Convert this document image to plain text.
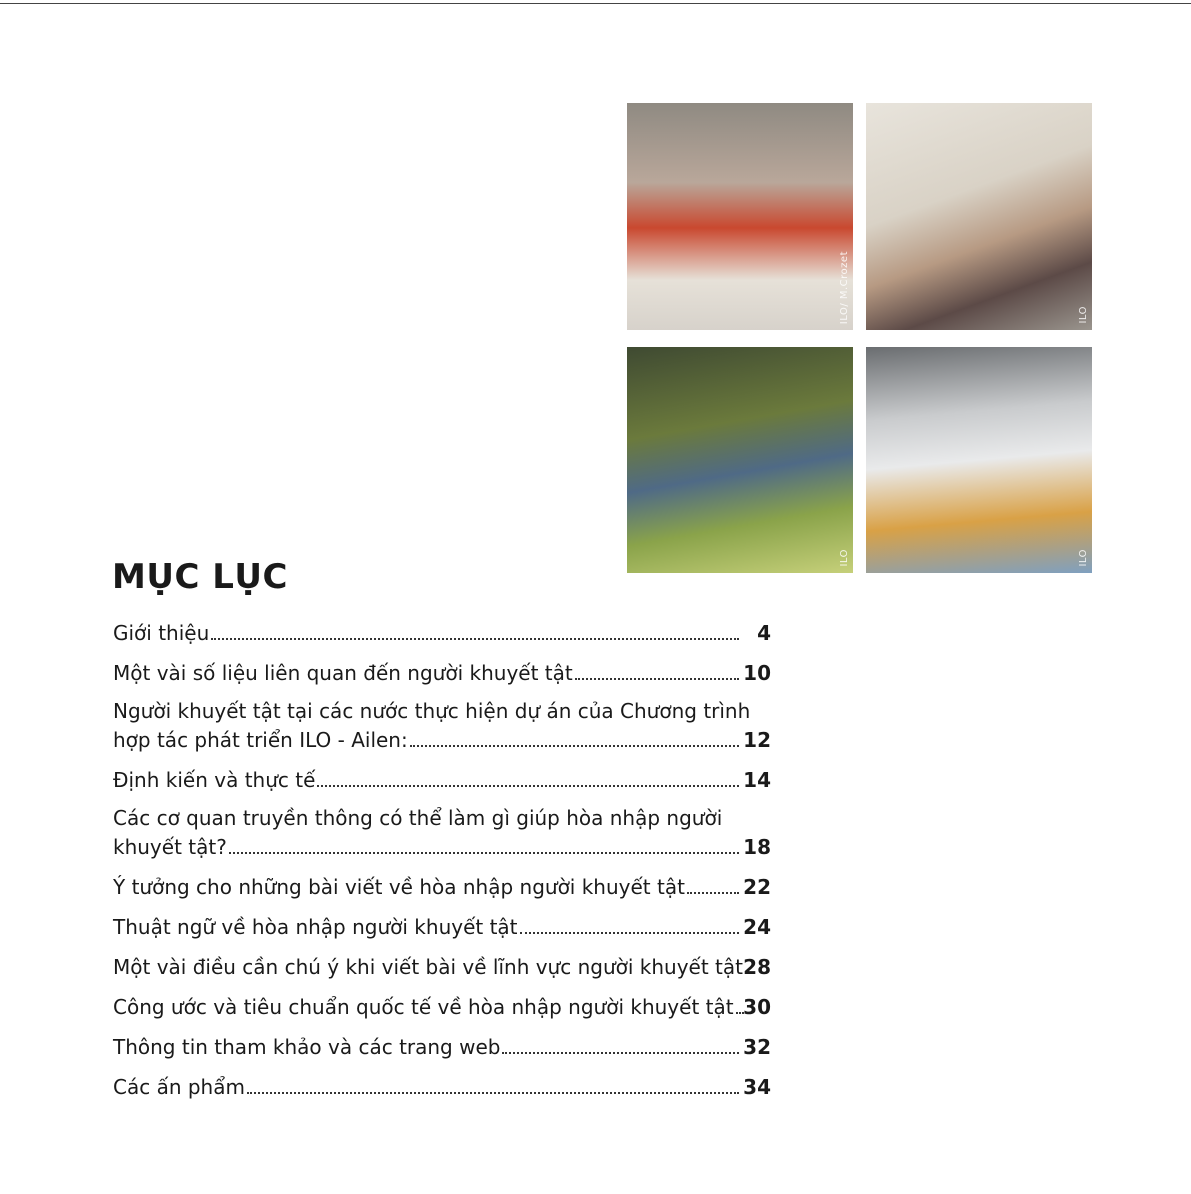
ILO/ M.Crozet	ILO
ILO	ILO
MỤC LỤC
Giới thiệu	4
Một vài số liệu liên quan đến người khuyết tật	10
Người khuyết tật tại các nước thực hiện dự án của Chương trình
hợp tác phát triển ILO - Ailen:	12
Định kiến và thực tế	14
Các cơ quan truyền thông có thể làm gì giúp hòa nhập người
khuyết tật?	18
Ý tưởng cho những bài viết về hòa nhập người khuyết tật	22
Thuật ngữ về hòa nhập người khuyết tật	24
Một vài điều cần chú ý khi viết bài về lĩnh vực người khuyết tật 28
Công ước và tiêu chuẩn quốc tế về hòa nhập người khuyết tật 30
Thông tin tham khảo và các trang web	32
Các ấn phẩm	34
